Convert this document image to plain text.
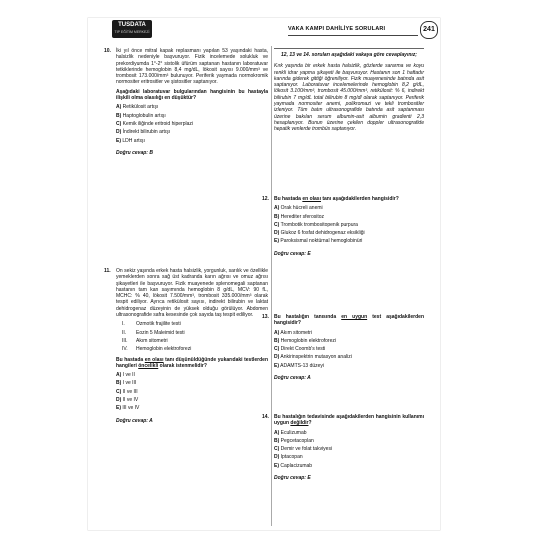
TUSDATA
TIP EĞİTİM MERKEZİ	VAKA KAMPI DAHİLİYE SORULARI	241
10. İki yıl önce mitral kapak replasmanı yapılan 53 yaşındaki hasta, halsizlik nedeniyle başvuruyor. Fizik incelemede solukluk ve prekordiyumda 1°-2° sistolik üfürüm saptanan hastanın laboratuvar tetkiklerinde hemoglobin 8,4 mg/dL, lökosit sayısı 9.000/mm³ ve trombosit 173.000/mm³ bulunuyor. Periferik yaymada normokromik normositer eritrositler ve şistositler saptanıyor.

Aşağıdaki laboratuvar bulgularından hangisinin bu hastayla ilişkili olma olasılığı en düşüktür?

A) Retikülosit artışı
B) Haptoglobulin artışı
C) Kemik iliğinde eritroid hiperplazi
D) İndirekt bilirubin artışı
E) LDH artışı
Doğru cevap: B
11. On sekiz yaşında erkek hasta halsizlik, yorgunluk, sarılık ve özellikle yemeklerden sonra sağ üst kadranda karın ağrısı ve omuz ağrısı şikayetleri ile başvuruyor. Fizik muayenede splenomegali saptanan hastanın tam kan sayımında hemoglobin 8 g/dL, MCV: 90 fL, MCHC: % 40, lökosit 7.500/mm³, trombosit 335.000/mm³ olarak tespit ediliyor. Ayrıca retikülosit sayısı, indirekt bilirubin ve laktat dehidrogenaz düzeyinin de yüksek olduğu görülüyor. Abdomen ultrasonografide safra kesesinde çok sayıda taş tespit ediliyor.

I. Ozmotik frajilite testi
II. Eozin 5 Maleimid testi
III. Akım sitometri
IV. Hemoglobin elektroforezi

Bu hastada en olası tanı düşünüldüğünde yukarıdaki testlerden hangileri öncelikli olarak istenmelidir?

A) I ve II
B) I ve III
C) II ve III
D) II ve IV
E) III ve IV
Doğru cevap: A
12, 13 ve 14. soruları aşağıdaki vakaya göre cevaplayınız;

Kırk yaşında bir erkek hasta halsizlik, gözlerde sararma ve koyu renkli idrar yapma şikayeti ile başvuruyor. Hastanın son 1 haftadır karında giderek gittiği öğreniliyor. Fizik muayenesinde batında asit saptanıyor. Laboratuvar incelemelerinde hemoglobin 8,2 g/dL, lökosit 3.100/mm³, trombosit 45.000/mm³, retikülosit: % 6, indirekt bilirubin 7 mg/dL total bilirubin 8 mg/dl olarak saptanıyor. Periferik yaymada normositer anemi, polikromazi ve tekli trombositler izleniyor. Tüm batın ultrasonografide batında asit saptanması üzerine bakılan serum albumin-asit albumin gradienti 2,3 hesaplanıyor. Bunun üzerine çekilen doppler ultrasonografide hepatik venlerde trombüs saptanıyor.

12. Bu hastada en olası tanı aşağıdakilerden hangisidir?

A) Orak hücreli anemi
B) Herediter sferositoz
C) Trombotik trombositopenik purpura
D) Glukoz 6 fosfat dehidrogenaz eksikliği
E) Paroksismal noktürnal hemoglobinüri
Doğru cevap: E
13. Bu hastalığın tanısında en uygun test aşağıdakilerden hangisidir?

A) Akım sitometri
B) Hemoglobin elektroforezi
C) Direkt Coomb's testi
D) Ankirinspektrin mutasyon analizi
E) ADAMTS-13 düzeyi
Doğru cevap: A
14. Bu hastalığın tedavisinde aşağıdakilerden hangisinin kullanımı uygun değildir?

A) Eculizumab
B) Pegcetacoplan
C) Demir ve folat takviyesi
D) Iptacopan
E) Caplacizumab
Doğru cevap: E
